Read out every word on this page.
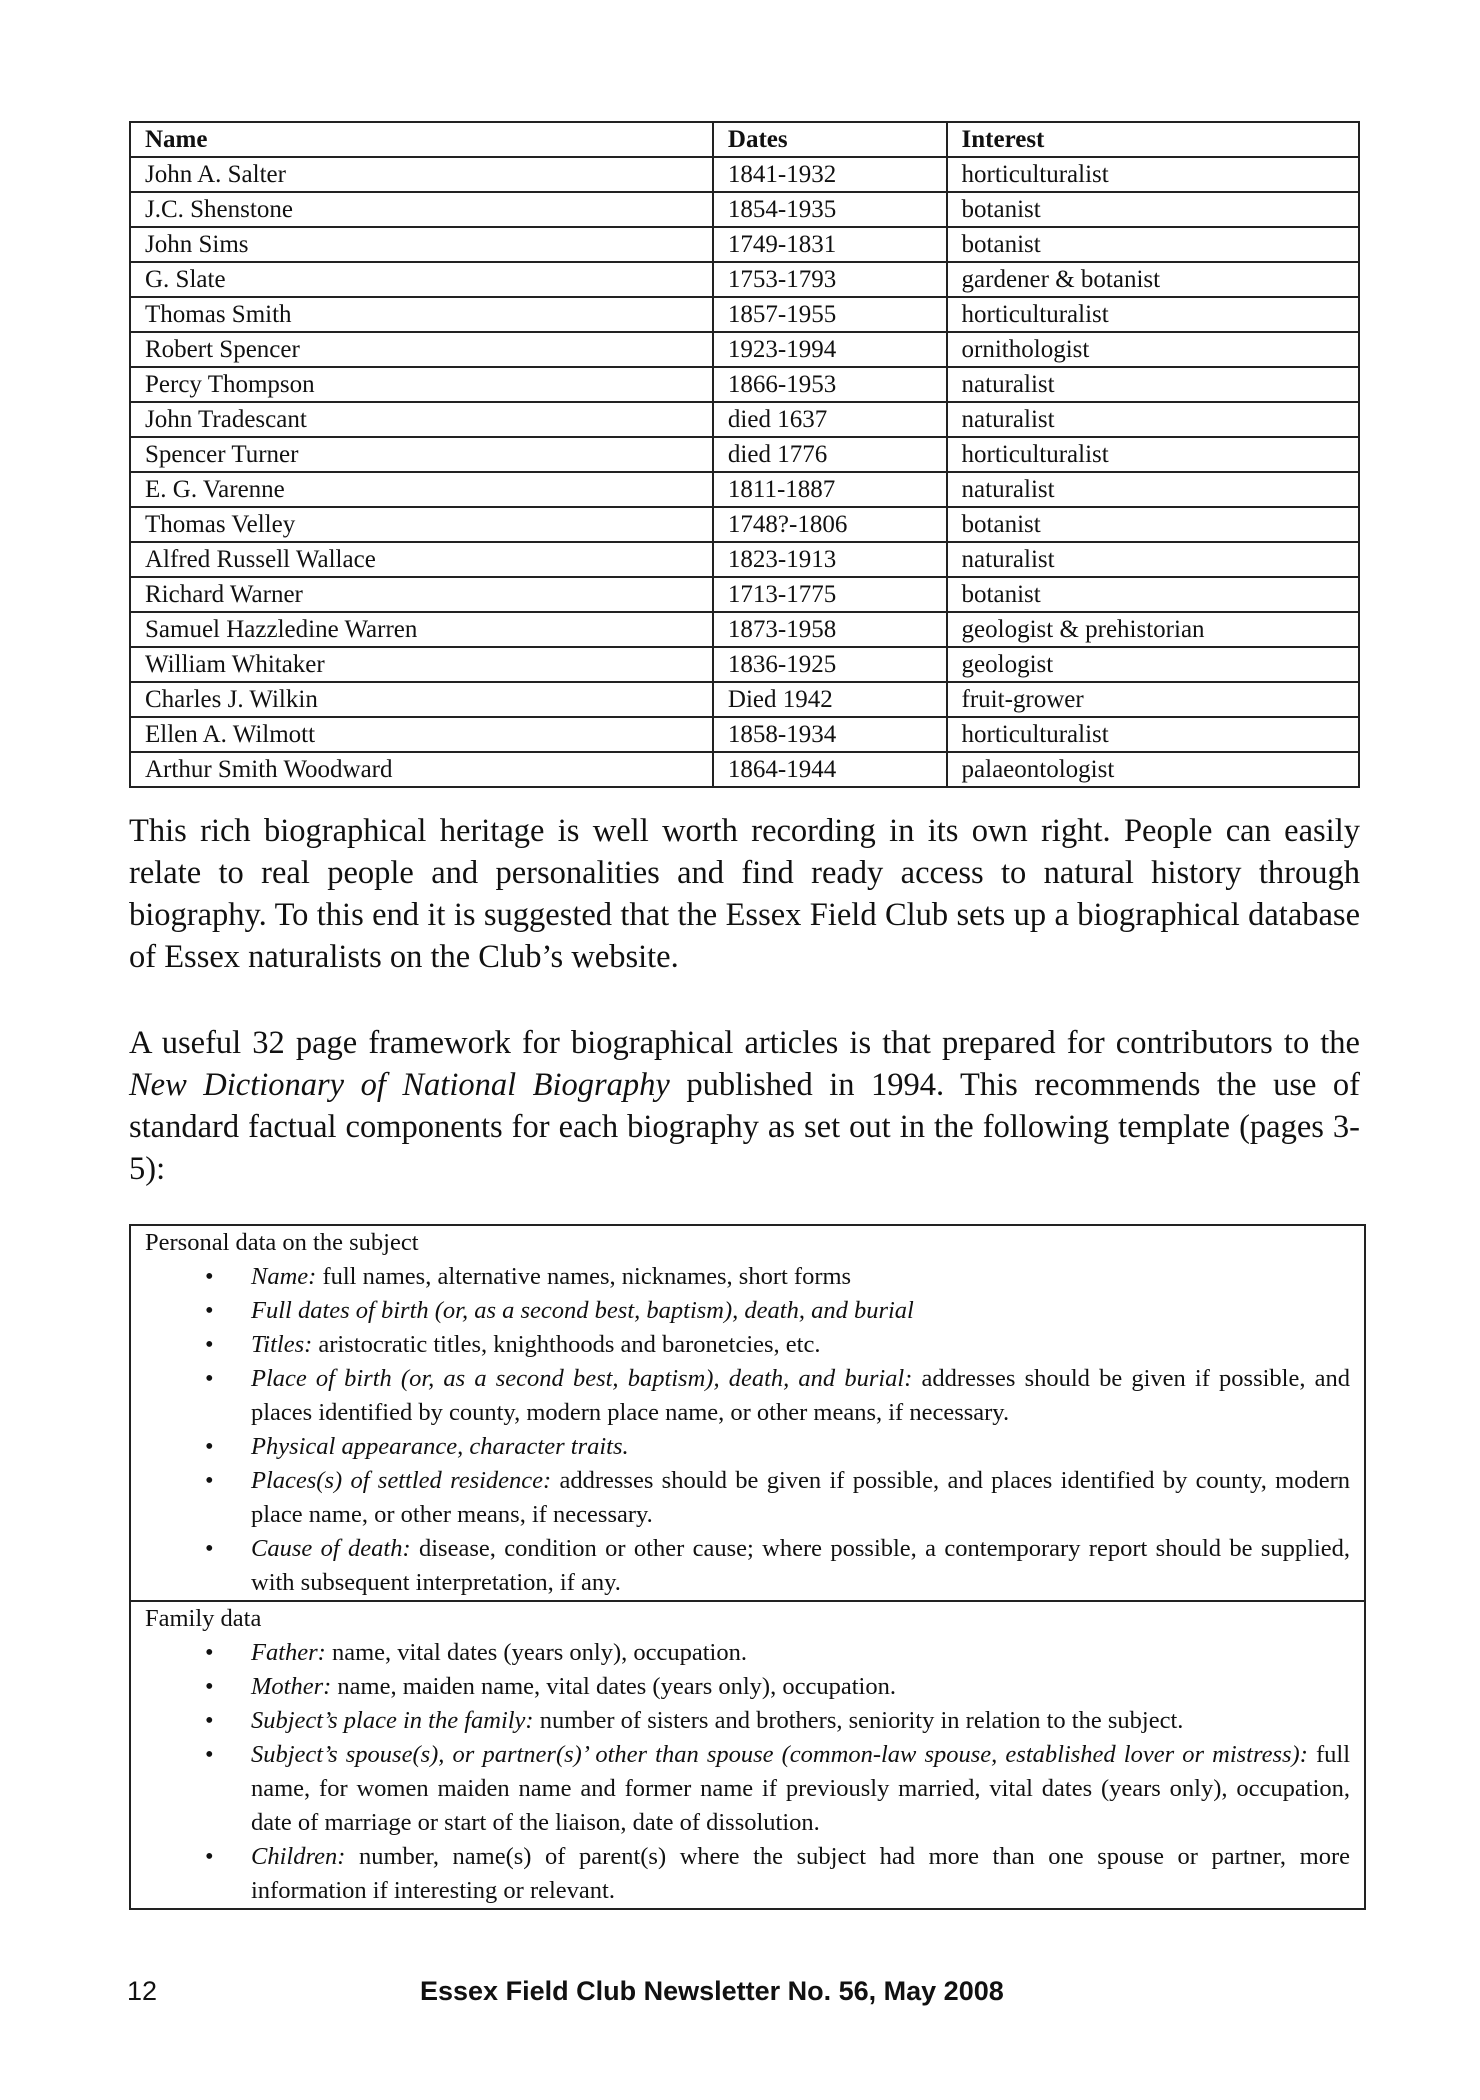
Name	Dates	Interest
John A. Salter	1841-1932	horticulturalist
J.C. Shenstone	1854-1935	botanist
John Sims	1749-1831	botanist
G. Slate	1753-1793	gardener & botanist
Thomas Smith	1857-1955	horticulturalist
Robert Spencer	1923-1994	ornithologist
Percy Thompson	1866-1953	naturalist
John Tradescant	died 1637	naturalist
Spencer Turner	died 1776	horticulturalist
E. G. Varenne	1811-1887	naturalist
Thomas Velley	1748?-1806	botanist
Alfred Russell Wallace	1823-1913	naturalist
Richard Warner	1713-1775	botanist
Samuel Hazzledine Warren	1873-1958	geologist & prehistorian
William Whitaker	1836-1925	geologist
Charles J. Wilkin	Died 1942	fruit-grower
Ellen A. Wilmott	1858-1934	horticulturalist
Arthur Smith Woodward	1864-1944	palaeontologist

This rich biographical heritage is well worth recording in its own right. People can easily relate to real people and personalities and find ready access to natural history through biography. To this end it is suggested that the Essex Field Club sets up a biographical database of Essex naturalists on the Club’s website.

A useful 32 page framework for biographical articles is that prepared for contributors to the New Dictionary of National Biography published in 1994. This recommends the use of standard factual components for each biography as set out in the following template (pages 3-5):

Personal data on the subject
• Name: full names, alternative names, nicknames, short forms
• Full dates of birth (or, as a second best, baptism), death, and burial
• Titles: aristocratic titles, knighthoods and baronetcies, etc.
• Place of birth (or, as a second best, baptism), death, and burial: addresses should be given if possible, and places identified by county, modern place name, or other means, if necessary.
• Physical appearance, character traits.
• Places(s) of settled residence: addresses should be given if possible, and places identified by county, modern place name, or other means, if necessary.
• Cause of death: disease, condition or other cause; where possible, a contemporary report should be supplied, with subsequent interpretation, if any.
Family data
• Father: name, vital dates (years only), occupation.
• Mother: name, maiden name, vital dates (years only), occupation.
• Subject’s place in the family: number of sisters and brothers, seniority in relation to the subject.
• Subject’s spouse(s), or partner(s)’ other than spouse (common-law spouse, established lover or mistress): full name, for women maiden name and former name if previously married, vital dates (years only), occupation, date of marriage or start of the liaison, date of dissolution.
• Children: number, name(s) of parent(s) where the subject had more than one spouse or partner, more information if interesting or relevant.
12	Essex Field Club Newsletter No. 56, May 2008
